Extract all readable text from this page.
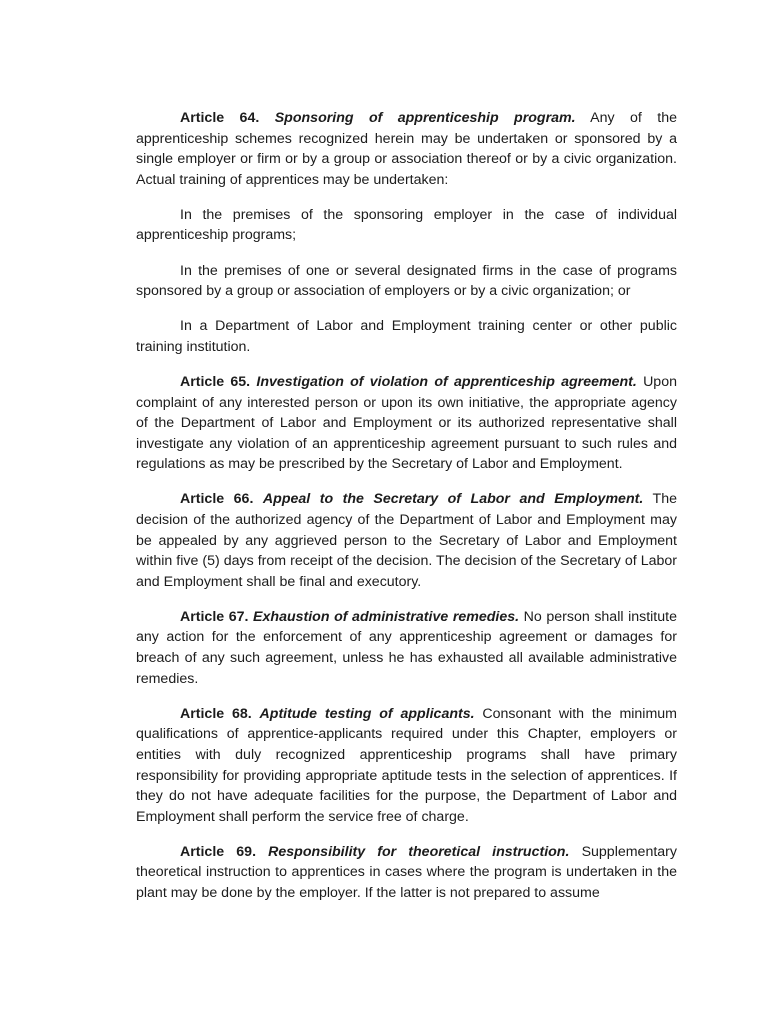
Article 64. Sponsoring of apprenticeship program. Any of the apprenticeship schemes recognized herein may be undertaken or sponsored by a single employer or firm or by a group or association thereof or by a civic organization. Actual training of apprentices may be undertaken:

In the premises of the sponsoring employer in the case of individual apprenticeship programs;

In the premises of one or several designated firms in the case of programs sponsored by a group or association of employers or by a civic organization; or

In a Department of Labor and Employment training center or other public training institution.

Article 65. Investigation of violation of apprenticeship agreement. Upon complaint of any interested person or upon its own initiative, the appropriate agency of the Department of Labor and Employment or its authorized representative shall investigate any violation of an apprenticeship agreement pursuant to such rules and regulations as may be prescribed by the Secretary of Labor and Employment.

Article 66. Appeal to the Secretary of Labor and Employment. The decision of the authorized agency of the Department of Labor and Employment may be appealed by any aggrieved person to the Secretary of Labor and Employment within five (5) days from receipt of the decision. The decision of the Secretary of Labor and Employment shall be final and executory.

Article 67. Exhaustion of administrative remedies. No person shall institute any action for the enforcement of any apprenticeship agreement or damages for breach of any such agreement, unless he has exhausted all available administrative remedies.

Article 68. Aptitude testing of applicants. Consonant with the minimum qualifications of apprentice-applicants required under this Chapter, employers or entities with duly recognized apprenticeship programs shall have primary responsibility for providing appropriate aptitude tests in the selection of apprentices. If they do not have adequate facilities for the purpose, the Department of Labor and Employment shall perform the service free of charge.

Article 69. Responsibility for theoretical instruction. Supplementary theoretical instruction to apprentices in cases where the program is undertaken in the plant may be done by the employer. If the latter is not prepared to assume
